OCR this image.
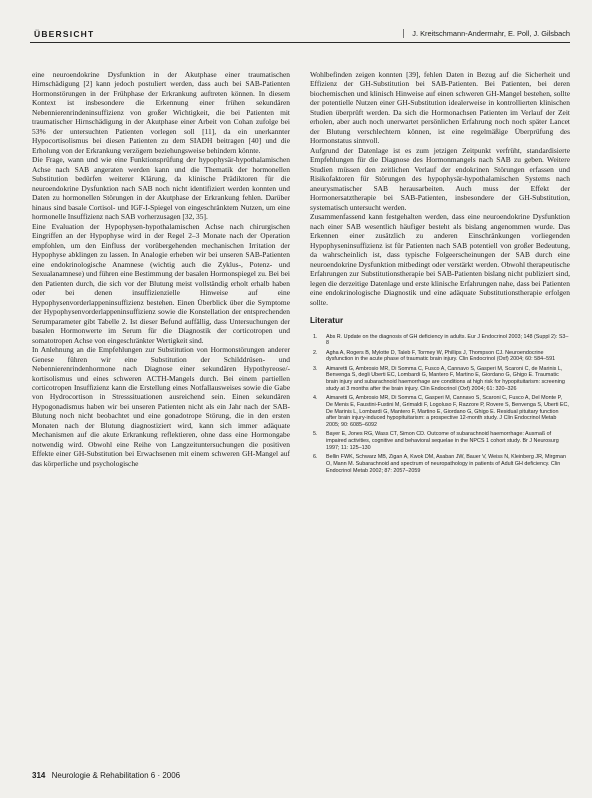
ÜBERSICHT	J. Kreitschmann-Andermahr, E. Poll, J. Gilsbach

eine neuroendokrine Dysfunktion in der Akutphase einer traumatischen Hirnschädigung [2] kann jedoch postuliert werden, dass auch bei SAB-Patienten Hormonstörungen in der Frühphase der Erkrankung auftreten können. In diesem Kontext ist insbesondere die Erkennung einer frühen sekundären Nebennierenrindeninsuffizienz von großer Wichtigkeit, die bei Patienten mit traumatischer Hirnschädigung in der Akutphase einer Arbeit von Cohan zufolge bei 53% der untersuchten Patienten vorlegen soll [11], da ein unerkannter Hypocortisolismus bei diesen Patienten zu dem SIADH beitragen [40] und die Erholung von der Erkrankung verzögern beziehungsweise behindern könnte.

Die Frage, wann und wie eine Funktionsprüfung der hypophysär-hypothalamischen Achse nach SAB angeraten werden kann und die Thematik der hormonellen Substitution bedürfen weiterer Klärung, da klinische Prädiktoren für die neuroendokrine Dysfunktion nach SAB noch nicht identifiziert werden konnten und Daten zu hormonellen Störungen in der Akutphase der Erkrankung fehlen. Darüber hinaus sind basale Cortisol- und IGF-I-Spiegel von eingeschränktem Nutzen, um eine hormonelle Insuffizienz nach SAB vorherzusagen [32, 35].

Eine Evaluation der Hypophysen-hypothalamischen Achse nach chirurgischen Eingriffen an der Hypophyse wird in der Regel 2–3 Monate nach der Operation empfohlen, um den Einfluss der vorübergehenden mechanischen Irritation der Hypophyse abklingen zu lassen. In Analogie erheben wir bei unseren SAB-Patienten eine endokrinologische Anamnese (wichtig auch die Zyklus-, Potenz- und Sexualanamnese) und führen eine Bestimmung der basalen Hormonspiegel zu. Bei bei den Patienten durch, die sich vor der Blutung meist vollständig erholt erhalb haben oder bei denen insuffizienzielle Hinweise auf eine Hypophysenvorderlappeninsuffizienz bestehen. Einen Überblick über die Symptome der Hypophysenvorderlappeninsuffizienz sowie die Konstellation der entsprechenden Serumparameter gibt Tabelle 2. Ist dieser Befund auffällig, dass Untersuchungen der basalen Hormonwerte im Serum für die Diagnostik der corticotropen und somatotropen Achse von eingeschränkter Wertigkeit sind.

In Anlehnung an die Empfehlungen zur Substitution von Hormonstörungen anderer Genese führen wir eine Substitution der Schilddrüsen- und Nebennierenrindenhormone nach Diagnose einer sekundären Hypothyreose/-kortisolismus und eines schweren ACTH-Mangels durch. Bei einem partiellen corticotropen Insuffizienz kann die Erstellung eines Notfallausweises sowie die Gabe von Hydrocortison in Stresssituationen ausreichend sein. Einen sekundären Hypogonadismus haben wir bei unseren Patienten nicht als ein Jahr nach der SAB-Blutung noch nicht beobachtet und eine gonadotrope Störung, die in den ersten Monaten nach der Blutung diagnostiziert wird, kann sich immer adäquate Mechanismen auf die akute Erkrankung reflektieren, ohne dass eine Hormongabe notwendig wird. Obwohl eine Reihe von Langzeituntersuchungen die positiven Effekte einer GH-Substitution bei Erwachsenen mit einem schweren GH-Mangel auf das körperliche und psychologische

Wohlbefinden zeigen konnten [39], fehlen Daten in Bezug auf die Sicherheit und Effizienz der GH-Substitution bei SAB-Patienten. Bei Patienten, bei deren biochemischen und klinisch Hinweise auf einen schweren GH-Mangel bestehen, sollte der potentielle Nutzen einer GH-Substitution idealerweise in kontrollierten klinischen Studien überprüft werden. Da sich die Hormonachsen Patienten im Verlauf der Zeit erholen, aber auch noch unerwartet persönlichen Erfahrung noch noch später Lancet der Blutung verschlechtern können, ist eine regelmäßige Überprüfung des Hormonstatus sinnvoll.

Aufgrund der Datenlage ist es zum jetzigen Zeitpunkt verfrüht, standardisierte Empfehlungen für die Diagnose des Hormonmangels nach SAB zu geben. Weitere Studien müssen den zeitlichen Verlauf der endokrinen Störungen erfassen und Risikofaktoren für Störungen des hypophysär-hypothalamischen Systems nach aneurysmatischer SAB herausarbeiten. Auch muss der Effekt der Hormonersatztherapie bei SAB-Patienten, insbesondere der GH-Substitution, systematisch untersucht werden.

Zusammenfassend kann festgehalten werden, dass eine neuroendokrine Dysfunktion nach einer SAB wesentlich häufiger besteht als bislang angenommen wurde. Das Erkennen einer zusätzlich zu anderen Einschränkungen vorliegenden Hypophyseninsuffizienz ist für Patienten nach SAB potentiell von großer Bedeutung, da wahrscheinlich ist, dass typische Folgeerscheinungen der SAB durch eine neuroendokrine Dysfunktion mitbedingt oder verstärkt werden. Obwohl therapeutische Erfahrungen zur Substitutionstherapie bei SAB-Patienten bislang nicht publiziert sind, legen die derzeitige Datenlage und erste klinische Erfahrungen nahe, dass bei Patienten eine endokrinologische Diagnostik und eine adäquate Substitutionstherapie erfolgen sollte.

Literatur
1. Abs R. Update on the diagnosis of GH deficiency in adults. Eur J Endocrinol 2003; 148 (Suppl 2): S3–8
2. Agha A, Rogers B, Mylotte D, Taleb F, Tormey W, Phillips J, Thompson CJ. Neuroendocrine dysfunction in the acute phase of traumatic brain injury. Clin Endocrinol (Oxf) 2004; 60: 584–591
3. Aimaretti G, Ambrosio MR, Di Somma C, Fusco A, Cannavo S, Gasperi M, Scaroni C, de Marinis L, Benvenga S, degli Uberti EC, Lombardi G, Mantero F, Martino E, Giordano G, Ghigo E. Traumatic brain injury and subarachnoid haemorrhage are conditions at high risk for hypopituitarism: screening study at 3 months after the brain injury. Clin Endocrinol (Oxf) 2004; 61: 320–326
4. Aimaretti G, Ambrosio MR, Di Somma C, Gasperi M, Cannavo S, Scaroni C, Fusco A, Del Monte P, De Menis E, Faustini-Fustini M, Grimaldi F, Logoluso F, Razzore P, Rovere S, Benvenga S, Uberti EC, De Marinis L, Lombardi G, Mantero F, Martino E, Giordano G, Ghigo E. Residual pituitary function after brain injury-induced hypopituitarism: a prospective 12-month study. J Clin Endocrinol Metab 2005; 90: 6085–6092
5. Bayer E, Jones RG, Wass CT, Simon CD. Outcome of subarachnoid haemorrhage: Ausmaß of impaired activities, cognitive and behavioral sequelae in the NPCS 1 cohort study. Br J Neurosurg 1997; 11: 125–130
6. Bellin FWK, Schwarz MB, Zigan A, Kwok DM, Asaban JW, Bauer V, Weiss N, Kleinberg JR, Mirgman O, Mann M. Subarachnoid and spectrum of neuropathology in patients of Adult GH deficiency. Clin Endocrinol Metab 2002; 87: 2057–2059
314 Neurologie & Rehabilitation 6 · 2006
